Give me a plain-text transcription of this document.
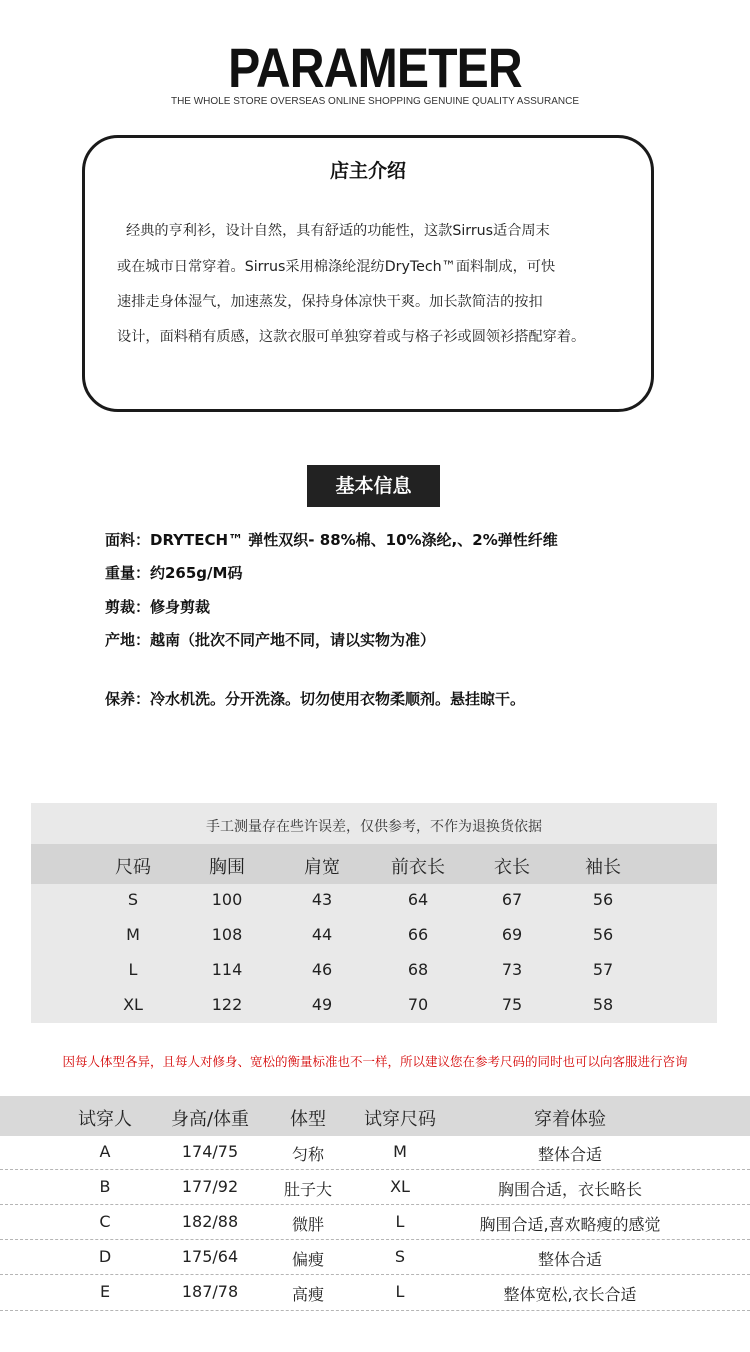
PARAMETER
THE WHOLE STORE OVERSEAS ONLINE SHOPPING GENUINE QUALITY ASSURANCE
店主介绍
经典的亨利衫，设计自然，具有舒适的功能性，这款Sirrus适合周末
或在城市日常穿着。Sirrus采用棉涤纶混纺DryTech™面料制成，可快
速排走身体湿气，加速蒸发，保持身体凉快干爽。加长款简洁的按扣
设计，面料稍有质感，这款衣服可单独穿着或与格子衫或圆领衫搭配穿着。
基本信息
面料：DRYTECH™ 弹性双织- 88%棉、10%涤纶,、2%弹性纤维
重量：约265g/M码
剪裁：修身剪裁
产地：越南（批次不同产地不同，请以实物为准）
保养：冷水机洗。分开洗涤。切勿使用衣物柔顺剂。悬挂晾干。
手工测量存在些许误差，仅供参考，不作为退换货依据
尺码	胸围	肩宽	前衣长	衣长	袖长
S	100	43	64	67	56
M	108	44	66	69	56
L	114	46	68	73	57
XL	122	49	70	75	58
因每人体型各异，且每人对修身、宽松的衡量标准也不一样，所以建议您在参考尺码的同时也可以向客服进行咨询
试穿人	身高/体重	体型	试穿尺码	穿着体验
A	174/75	匀称	M	整体合适
B	177/92	肚子大	XL	胸围合适，衣长略长
C	182/88	微胖	L	胸围合适,喜欢略瘦的感觉
D	175/64	偏瘦	S	整体合适
E	187/78	高瘦	L	整体宽松,衣长合适
